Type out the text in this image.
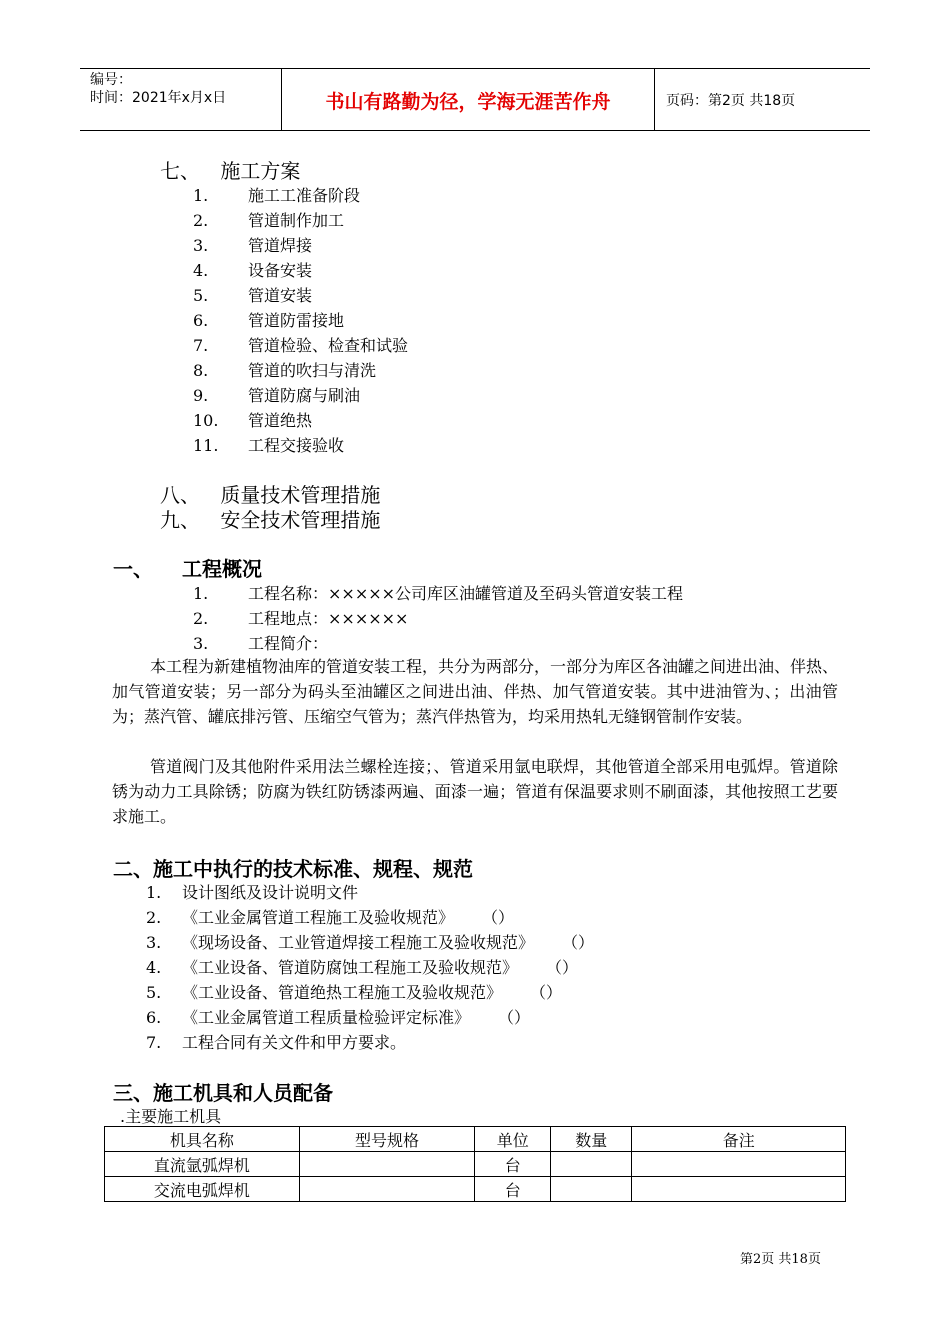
编号：
时间：2021年x月x日	书山有路勤为径，学海无涯苦作舟	页码：第2页 共18页
七、 施工方案
1. 施工工准备阶段
2. 管道制作加工
3. 管道焊接
4. 设备安装
5. 管道安装
6. 管道防雷接地
7. 管道检验、检查和试验
8. 管道的吹扫与清洗
9. 管道防腐与刷油
10. 管道绝热
11. 工程交接验收
八、 质量技术管理措施
九、 安全技术管理措施
一、 工程概况
1. 工程名称：×××××公司库区油罐管道及至码头管道安装工程
2. 工程地点：××××××
3. 工程简介：
本工程为新建植物油库的管道安装工程，共分为两部分，一部分为库区各油罐之间进出油、伴热、加气管道安装；另一部分为码头至油罐区之间进出油、伴热、加气管道安装。其中进油管为、；出油管为；蒸汽管、罐底排污管、压缩空气管为；蒸汽伴热管为，均采用热轧无缝钢管制作安装。
管道阀门及其他附件采用法兰螺栓连接；、管道采用氩电联焊，其他管道全部采用电弧焊。管道除锈为动力工具除锈；防腐为铁红防锈漆两遍、面漆一遍；管道有保温要求则不刷面漆，其他按照工艺要求施工。
二、施工中执行的技术标准、规程、规范
1. 设计图纸及设计说明文件
2. 《工业金属管道工程施工及验收规范》 （）
3. 《现场设备、工业管道焊接工程施工及验收规范》 （）
4. 《工业设备、管道防腐蚀工程施工及验收规范》 （）
5. 《工业设备、管道绝热工程施工及验收规范》 （）
6. 《工业金属管道工程质量检验评定标准》 （）
7. 工程合同有关文件和甲方要求。
三、施工机具和人员配备
.主要施工机具
机具名称	型号规格	单位	数量	备注
直流氩弧焊机		台		
交流电弧焊机		台		
第2页 共18页
